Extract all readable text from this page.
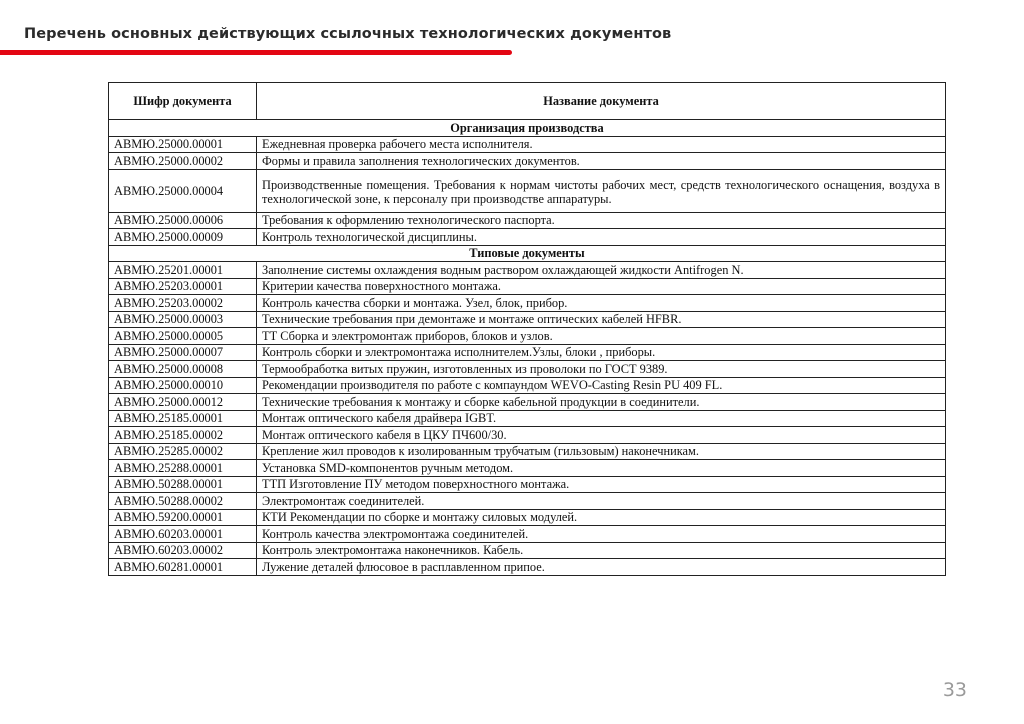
Перечень основных действующих ссылочных технологических документов
Шифр документа	Название документа
Организация производства	
АВМЮ.25000.00001	Ежедневная проверка рабочего места исполнителя.
АВМЮ.25000.00002	Формы и правила заполнения технологических документов.
АВМЮ.25000.00004	Производственные помещения. Требования к нормам чистоты рабочих мест, средств технологического оснащения, воздуха в технологической зоне, к персоналу при производстве аппаратуры.
АВМЮ.25000.00006	Требования к оформлению технологического паспорта.
АВМЮ.25000.00009	Контроль технологической дисциплины.
Типовые документы	
АВМЮ.25201.00001	Заполнение системы охлаждения водным раствором охлаждающей жидкости Antifrogen N.
АВМЮ.25203.00001	Критерии качества поверхностного монтажа.
АВМЮ.25203.00002	Контроль качества сборки и монтажа. Узел, блок, прибор.
АВМЮ.25000.00003	Технические требования при демонтаже и монтаже оптических кабелей HFBR.
АВМЮ.25000.00005	ТТ Сборка и электромонтаж приборов, блоков и узлов.
АВМЮ.25000.00007	Контроль сборки и электромонтажа исполнителем.Узлы, блоки , приборы.
АВМЮ.25000.00008	Термообработка витых пружин, изготовленных из проволоки по ГОСТ 9389.
АВМЮ.25000.00010	Рекомендации производителя по работе с компаундом WEVO-Casting Resin PU 409 FL.
АВМЮ.25000.00012	Технические требования к монтажу и сборке кабельной продукции в соединители.
АВМЮ.25185.00001	Монтаж оптического кабеля драйвера IGBT.
АВМЮ.25185.00002	Монтаж оптического кабеля в ЦКУ ПЧ600/30.
АВМЮ.25285.00002	Крепление жил проводов к изолированным трубчатым (гильзовым) наконечникам.
АВМЮ.25288.00001	Установка SMD-компонентов ручным методом.
АВМЮ.50288.00001	ТТП Изготовление ПУ методом поверхностного монтажа.
АВМЮ.50288.00002	Электромонтаж соединителей.
АВМЮ.59200.00001	КТИ Рекомендации по сборке и монтажу силовых модулей.
АВМЮ.60203.00001	Контроль качества электромонтажа соединителей.
АВМЮ.60203.00002	Контроль электромонтажа наконечников. Кабель.
АВМЮ.60281.00001	Лужение деталей флюсовое в расплавленном припое.
33
